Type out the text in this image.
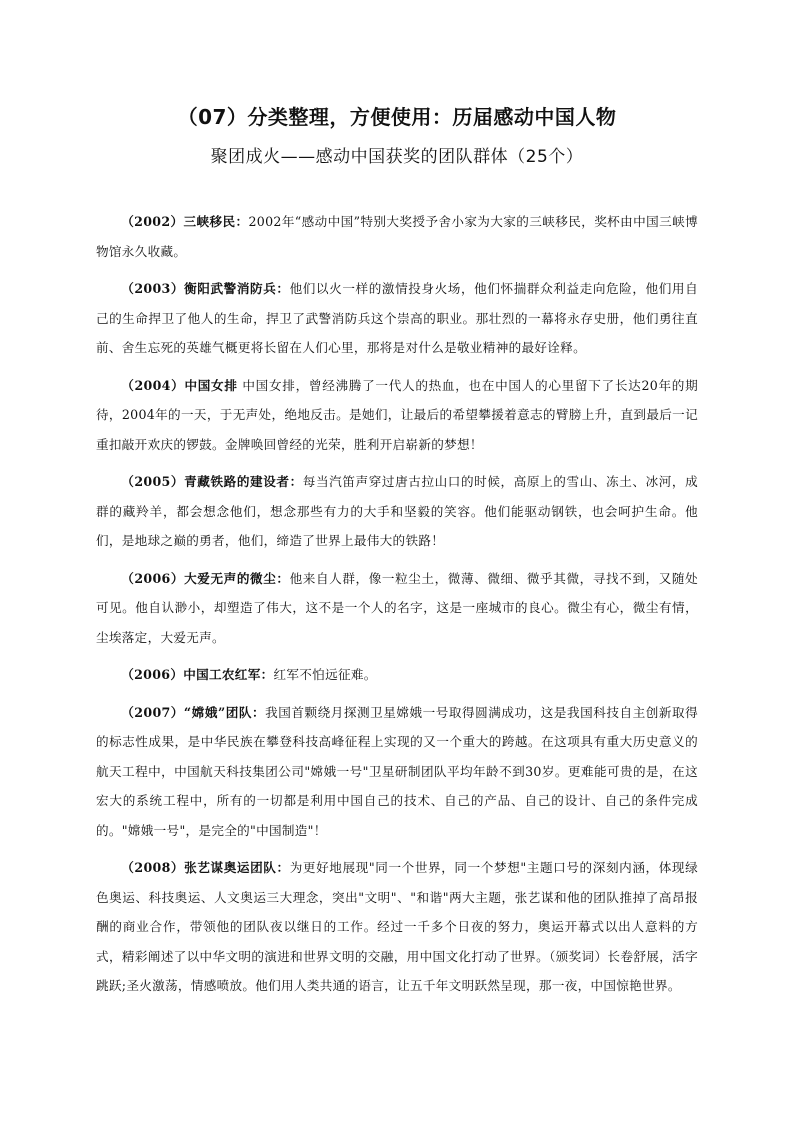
（07）分类整理，方便使用：历届感动中国人物
聚团成火——感动中国获奖的团队群体（25个）

（2002）三峡移民：2002年“感动中国”特别大奖授予舍小家为大家的三峡移民，奖杯由中国三峡博物馆永久收藏。

（2003）衡阳武警消防兵：他们以火一样的激情投身火场，他们怀揣群众利益走向危险，他们用自己的生命捍卫了他人的生命，捍卫了武警消防兵这个崇高的职业。那壮烈的一幕将永存史册，他们勇往直前、舍生忘死的英雄气概更将长留在人们心里，那将是对什么是敬业精神的最好诠释。

（2004）中国女排 中国女排，曾经沸腾了一代人的热血，也在中国人的心里留下了长达20年的期待，2004年的一天，于无声处，绝地反击。是她们，让最后的希望攀援着意志的臂膀上升，直到最后一记重扣敲开欢庆的锣鼓。金牌唤回曾经的光荣，胜利开启崭新的梦想！

（2005）青藏铁路的建设者：每当汽笛声穿过唐古拉山口的时候，高原上的雪山、冻土、冰河，成群的藏羚羊，都会想念他们，想念那些有力的大手和坚毅的笑容。他们能驱动钢铁，也会呵护生命。他们，是地球之巅的勇者，他们，缔造了世界上最伟大的铁路！

（2006）大爱无声的微尘：他来自人群，像一粒尘土，微薄、微细、微乎其微，寻找不到，又随处可见。他自认渺小，却塑造了伟大，这不是一个人的名字，这是一座城市的良心。微尘有心，微尘有情，尘埃落定，大爱无声。

（2006）中国工农红军：红军不怕远征难。

（2007）“嫦娥”团队：我国首颗绕月探测卫星嫦娥一号取得圆满成功，这是我国科技自主创新取得的标志性成果，是中华民族在攀登科技高峰征程上实现的又一个重大的跨越。在这项具有重大历史意义的航天工程中，中国航天科技集团公司"嫦娥一号"卫星研制团队平均年龄不到30岁。更难能可贵的是，在这宏大的系统工程中，所有的一切都是利用中国自己的技术、自己的产品、自己的设计、自己的条件完成的。"嫦娥一号"，是完全的"中国制造"！

（2008）张艺谋奥运团队：为更好地展现"同一个世界，同一个梦想"主题口号的深刻内涵，体现绿色奥运、科技奥运、人文奥运三大理念，突出"文明"、"和谐"两大主题，张艺谋和他的团队推掉了高昂报酬的商业合作，带领他的团队夜以继日的工作。经过一千多个日夜的努力，奥运开幕式以出人意料的方式，精彩阐述了以中华文明的演进和世界文明的交融，用中国文化打动了世界。（颁奖词）长卷舒展，活字跳跃;圣火激荡，情感喷放。他们用人类共通的语言，让五千年文明跃然呈现，那一夜，中国惊艳世界。
